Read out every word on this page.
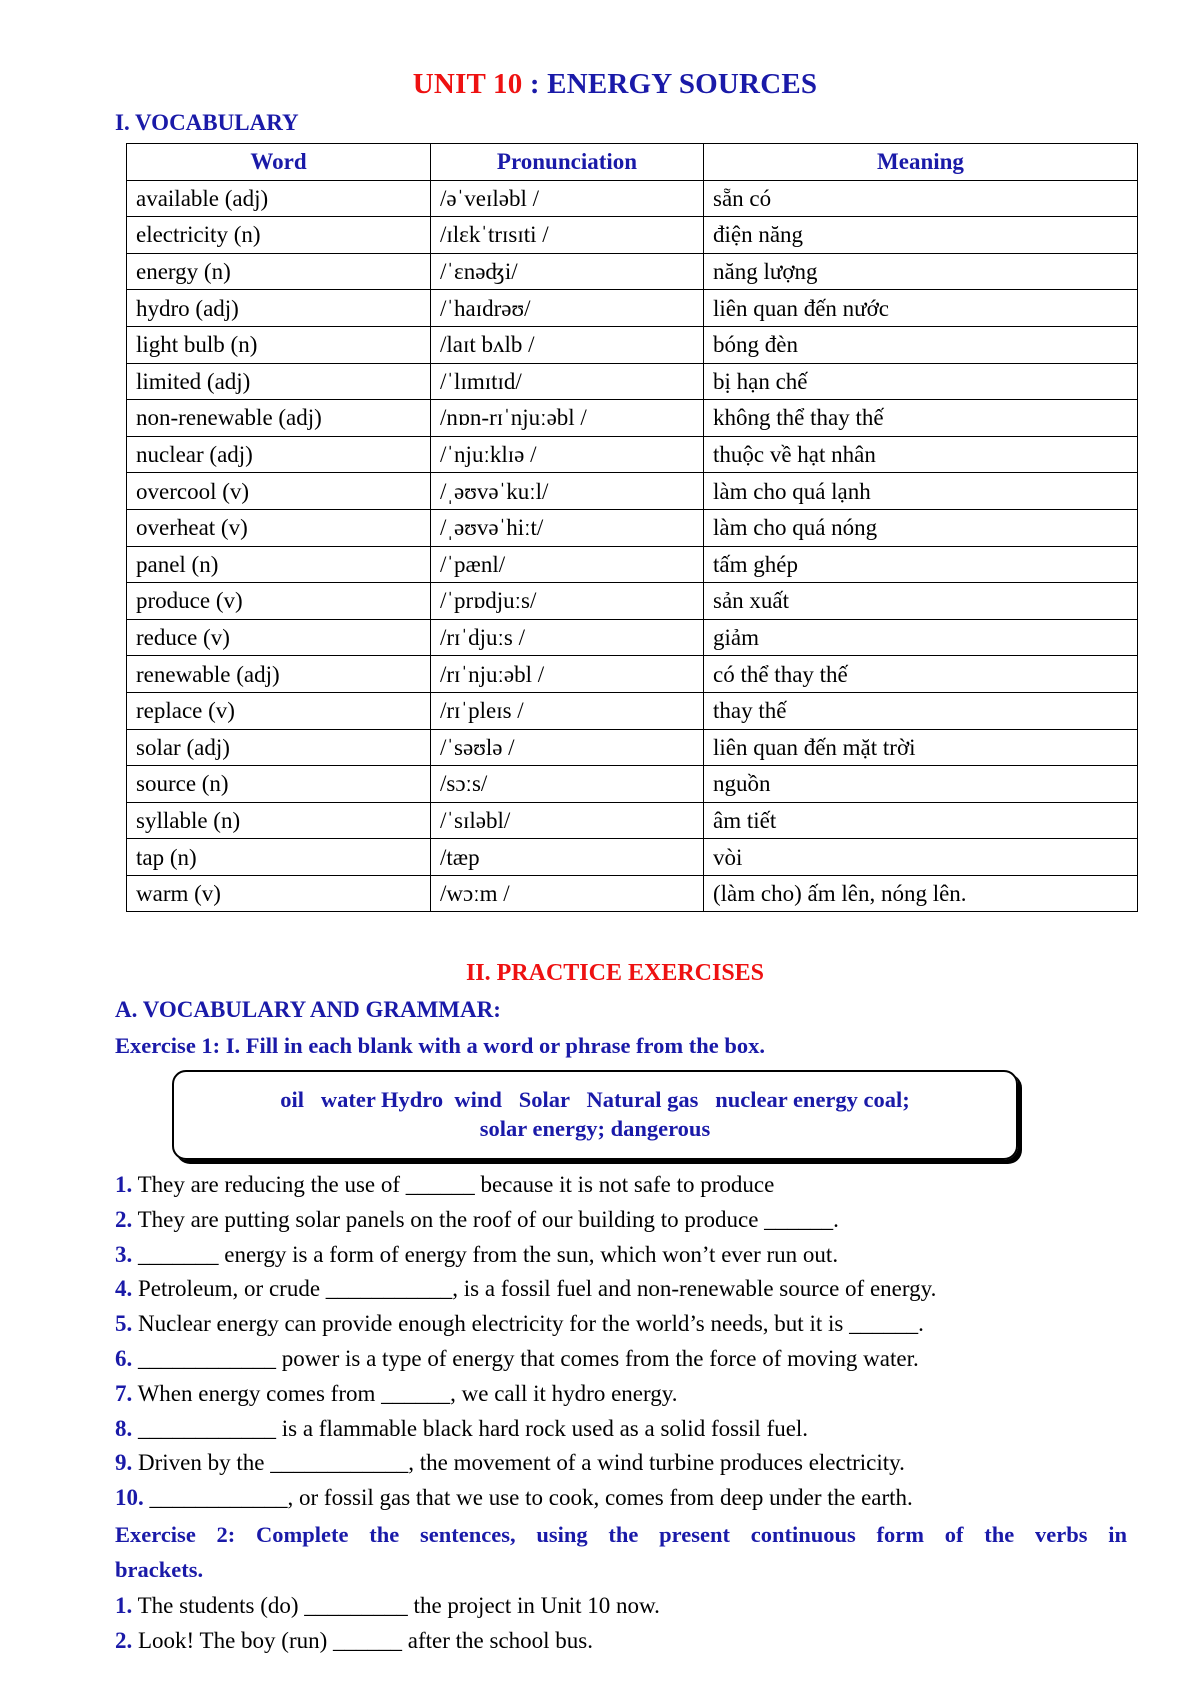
UNIT 10 : ENERGY SOURCES
I. VOCABULARY
Word	Pronunciation	Meaning
available (adj)	/əˈveɪləbl /	sẵn có
electricity (n)	/ɪlɛkˈtrɪsɪti /	điện năng
energy (n)	/ˈɛnəʤi/	năng lượng
hydro (adj)	/ˈhaɪdrəʊ/	liên quan đến nước
light bulb (n)	/laɪt bʌlb /	bóng đèn
limited (adj)	/ˈlɪmɪtɪd/	bị hạn chế
non-renewable (adj)	/nɒn-rɪˈnjuːəbl /	không thể thay thế
nuclear (adj)	/ˈnjuːklɪə /	thuộc về hạt nhân
overcool (v)	/ˌəʊvəˈkuːl/	làm cho quá lạnh
overheat (v)	/ˌəʊvəˈhiːt/	làm cho quá nóng
panel (n)	/ˈpænl/	tấm ghép
produce (v)	/ˈprɒdjuːs/	sản xuất
reduce (v)	/rɪˈdjuːs /	giảm
renewable (adj)	/rɪˈnjuːəbl /	có thể thay thế
replace (v)	/rɪˈpleɪs /	thay thế
solar (adj)	/ˈsəʊlə /	liên quan đến mặt trời
source (n)	/sɔːs/	nguồn
syllable (n)	/ˈsɪləbl/	âm tiết
tap (n)	/tæp	vòi
warm (v)	/wɔːm /	(làm cho) ấm lên, nóng lên.
II. PRACTICE EXERCISES
A. VOCABULARY AND GRAMMAR:
Exercise 1: I. Fill in each blank with a word or phrase from the box.
oil   water Hydro  wind   Solar   Natural gas   nuclear energy coal;
solar energy; dangerous
1. They are reducing the use of ______ because it is not safe to produce
2. They are putting solar panels on the roof of our building to produce ______.
3. _______ energy is a form of energy from the sun, which won’t ever run out.
4. Petroleum, or crude ___________, is a fossil fuel and non-renewable source of energy.
5. Nuclear energy can provide enough electricity for the world’s needs, but it is ______.
6. ____________ power is a type of energy that comes from the force of moving water.
7. When energy comes from ______, we call it hydro energy.
8. ____________ is a flammable black hard rock used as a solid fossil fuel.
9. Driven by the ____________, the movement of a wind turbine produces electricity.
10. ____________, or fossil gas that we use to cook, comes from deep under the earth.
Exercise 2: Complete the sentences, using the present continuous form of the verbs in
brackets.
1. The students (do) _________ the project in Unit 10 now.
2. Look! The boy (run) ______ after the school bus.
